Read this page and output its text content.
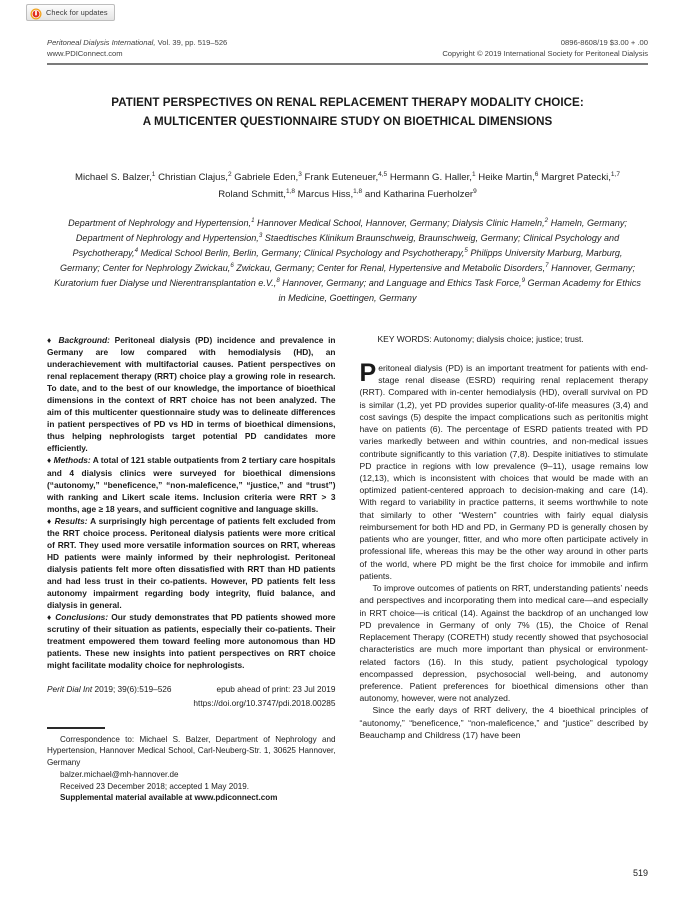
Check for updates
Peritoneal Dialysis International, Vol. 39, pp. 519–526
www.PDIConnect.com
0896-8608/19 $3.00 + .00
Copyright © 2019 International Society for Peritoneal Dialysis
PATIENT PERSPECTIVES ON RENAL REPLACEMENT THERAPY MODALITY CHOICE:
A MULTICENTER QUESTIONNAIRE STUDY ON BIOETHICAL DIMENSIONS
Michael S. Balzer,$^1$ Christian Clajus,$^2$ Gabriele Eden,$^3$ Frank Euteneuer,$^{4,5}$ Hermann G. Haller,$^1$ Heike Martin,$^6$ Margret Patecki,$^{1,7}$ Roland Schmitt,$^{1,8}$ Marcus Hiss,$^{1,8}$ and Katharina Fuerholzer$^9$
Department of Nephrology and Hypertension,$^1$ Hannover Medical School, Hannover, Germany; Dialysis Clinic Hameln,$^2$ Hameln, Germany; Department of Nephrology and Hypertension,$^3$ Staedtisches Klinikum Braunschweig, Braunschweig, Germany; Clinical Psychology and Psychotherapy,$^4$ Medical School Berlin, Berlin, Germany; Clinical Psychology and Psychotherapy,$^5$ Philipps University Marburg, Marburg, Germany; Center for Nephrology Zwickau,$^6$ Zwickau, Germany; Center for Renal, Hypertensive and Metabolic Disorders,$^7$ Hannover, Germany; Kuratorium fuer Dialyse und Nierentransplantation e.V.,$^8$ Hannover, Germany; and Language and Ethics Task Force,$^9$ German Academy for Ethics in Medicine, Goettingen, Germany

♦ Background: Peritoneal dialysis (PD) incidence and prevalence in Germany are low compared with hemodialysis (HD), an underachievement with multifactorial causes. Patient perspectives on renal replacement therapy (RRT) choice play a growing role in research. To date, and to the best of our knowledge, the importance of bioethical dimensions in the context of RRT choice has not been analyzed. The aim of this multicenter questionnaire study was to delineate differences in patient perspectives of PD vs HD in terms of bioethical dimensions, thus helping nephrologists target potential PD candidates more efficiently.

♦ Methods: A total of 121 stable outpatients from 2 tertiary care hospitals and 4 dialysis clinics were surveyed for bioethical dimensions (“autonomy,” “beneficence,” “non-maleficence,” “justice,” and “trust”) with ranking and Likert scale items. Inclusion criteria were RRT > 3 months, age ≥ 18 years, and sufficient cognitive and language skills.

♦ Results: A surprisingly high percentage of patients felt excluded from the RRT choice process. Peritoneal dialysis patients were more critical of RRT. They used more versatile information sources on RRT, whereas HD patients were mainly informed by their nephrologist. Peritoneal dialysis patients felt more often dissatisfied with RRT than HD patients and had less trust in their co-patients. However, PD patients felt less autonomy impairment regarding body integrity, fluid balance, and dialysis in general.

♦ Conclusions: Our study demonstrates that PD patients showed more scrutiny of their situation as patients, especially their co-patients. Their treatment empowered them toward feeling more autonomous than HD patients. These new insights into patient perspectives on RRT choice might facilitate modality choice for nephrologists.

Perit Dial Int 2019; 39(6):519–526	epub ahead of print: 23 Jul 2019
https://doi.org/10.3747/pdi.2018.00285

Correspondence to: Michael S. Balzer, Department of Nephrology and Hypertension, Hannover Medical School, Carl-Neuberg-Str. 1, 30625 Hannover, Germany

balzer.michael@mh-hannover.de

Received 23 December 2018; accepted 1 May 2019.

Supplemental material available at www.pdiconnect.com

KEY WORDS: Autonomy; dialysis choice; justice; trust.

Peritoneal dialysis (PD) is an important treatment for patients with end-stage renal disease (ESRD) requiring renal replacement therapy (RRT). Compared with in-center hemodialysis (HD), overall survival on PD is similar (1,2), yet PD provides superior quality-of-life measures (3,4) and cost savings (5) despite the impact complications such as peritonitis might have on patients (6). The percentage of ESRD patients treated with PD varies markedly between and within countries, and non-medical issues contribute significantly to this variation (7,8). Despite initiatives to stimulate PD practice in regions with low prevalence (9–11), usage remains low (12,13), which is inconsistent with choices that would be made with an optimized patient-centered approach to decision-making and care (14). With regard to variability in practice patterns, it seems worthwhile to note that similarly to other “Western” countries with fairly equal dialysis reimbursement for both HD and PD, in Germany PD is generally chosen by patients who are younger, fitter, and who more often participate actively in professional life, whereas this may be the other way around in other parts of the world, where PD might be the first choice for immobile and infirm patients.

To improve outcomes of patients on RRT, understanding patients’ needs and perspectives and incorporating them into medical care—and especially in RRT choice—is critical (14). Against the backdrop of an unchanged low PD prevalence in Germany of only 7% (15), the Choice of Renal Replacement Therapy (CORETH) study recently showed that psychosocial characteristics are much more important than physical or environment-related factors (16). In this study, patient psychological typology encompassed depression, psychosocial well-being, and autonomy preference. Patient preferences for bioethical dimensions other than autonomy, however, were not analyzed.

Since the early days of RRT delivery, the 4 bioethical principles of “autonomy,” “beneficence,” “non-maleficence,” and “justice” described by Beauchamp and Childress (17) have been

519
